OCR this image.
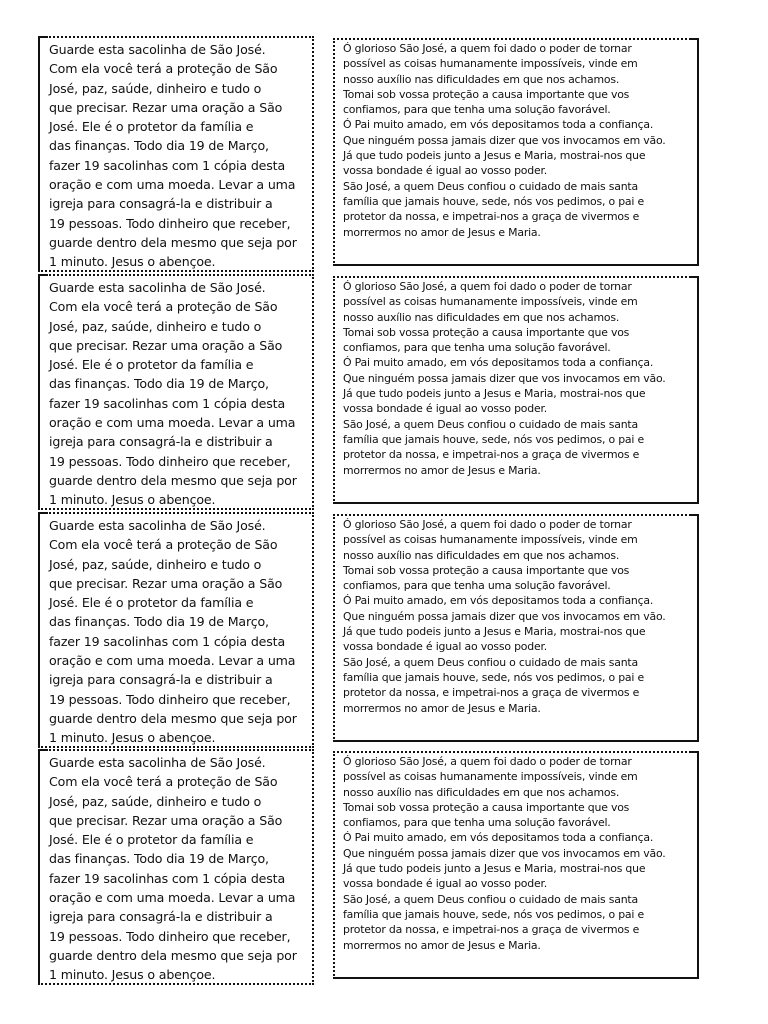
Guarde esta sacolinha de São José.
Com ela você terá a proteção de São
José, paz, saúde, dinheiro e tudo o
que precisar. Rezar uma oração a São
José. Ele é o protetor da família e
das finanças. Todo dia 19 de Março,
fazer 19 sacolinhas com 1 cópia desta
oração e com uma moeda. Levar a uma
igreja para consagrá-la e distribuir a
19 pessoas. Todo dinheiro que receber,
guarde dentro dela mesmo que seja por
1 minuto. Jesus o abençoe.

Ó glorioso São José, a quem foi dado o poder de tornar
possível as coisas humanamente impossíveis, vinde em
nosso auxílio nas dificuldades em que nos achamos.
Tomai sob vossa proteção a causa importante que vos
confiamos, para que tenha uma solução favorável.
Ó Pai muito amado, em vós depositamos toda a confiança.
Que ninguém possa jamais dizer que vos invocamos em vão.
Já que tudo podeis junto a Jesus e Maria, mostrai-nos que
vossa bondade é igual ao vosso poder.
São José, a quem Deus confiou o cuidado de mais santa
família que jamais houve, sede, nós vos pedimos, o pai e
protetor da nossa, e impetrai-nos a graça de vivermos e
morrermos no amor de Jesus e Maria.

Guarde esta sacolinha de São José.
Com ela você terá a proteção de São
José, paz, saúde, dinheiro e tudo o
que precisar. Rezar uma oração a São
José. Ele é o protetor da família e
das finanças. Todo dia 19 de Março,
fazer 19 sacolinhas com 1 cópia desta
oração e com uma moeda. Levar a uma
igreja para consagrá-la e distribuir a
19 pessoas. Todo dinheiro que receber,
guarde dentro dela mesmo que seja por
1 minuto. Jesus o abençoe.

Ó glorioso São José, a quem foi dado o poder de tornar
possível as coisas humanamente impossíveis, vinde em
nosso auxílio nas dificuldades em que nos achamos.
Tomai sob vossa proteção a causa importante que vos
confiamos, para que tenha uma solução favorável.
Ó Pai muito amado, em vós depositamos toda a confiança.
Que ninguém possa jamais dizer que vos invocamos em vão.
Já que tudo podeis junto a Jesus e Maria, mostrai-nos que
vossa bondade é igual ao vosso poder.
São José, a quem Deus confiou o cuidado de mais santa
família que jamais houve, sede, nós vos pedimos, o pai e
protetor da nossa, e impetrai-nos a graça de vivermos e
morrermos no amor de Jesus e Maria.

Guarde esta sacolinha de São José.
Com ela você terá a proteção de São
José, paz, saúde, dinheiro e tudo o
que precisar. Rezar uma oração a São
José. Ele é o protetor da família e
das finanças. Todo dia 19 de Março,
fazer 19 sacolinhas com 1 cópia desta
oração e com uma moeda. Levar a uma
igreja para consagrá-la e distribuir a
19 pessoas. Todo dinheiro que receber,
guarde dentro dela mesmo que seja por
1 minuto. Jesus o abençoe.

Ó glorioso São José, a quem foi dado o poder de tornar
possível as coisas humanamente impossíveis, vinde em
nosso auxílio nas dificuldades em que nos achamos.
Tomai sob vossa proteção a causa importante que vos
confiamos, para que tenha uma solução favorável.
Ó Pai muito amado, em vós depositamos toda a confiança.
Que ninguém possa jamais dizer que vos invocamos em vão.
Já que tudo podeis junto a Jesus e Maria, mostrai-nos que
vossa bondade é igual ao vosso poder.
São José, a quem Deus confiou o cuidado de mais santa
família que jamais houve, sede, nós vos pedimos, o pai e
protetor da nossa, e impetrai-nos a graça de vivermos e
morrermos no amor de Jesus e Maria.

Guarde esta sacolinha de São José.
Com ela você terá a proteção de São
José, paz, saúde, dinheiro e tudo o
que precisar. Rezar uma oração a São
José. Ele é o protetor da família e
das finanças. Todo dia 19 de Março,
fazer 19 sacolinhas com 1 cópia desta
oração e com uma moeda. Levar a uma
igreja para consagrá-la e distribuir a
19 pessoas. Todo dinheiro que receber,
guarde dentro dela mesmo que seja por
1 minuto. Jesus o abençoe.

Ó glorioso São José, a quem foi dado o poder de tornar
possível as coisas humanamente impossíveis, vinde em
nosso auxílio nas dificuldades em que nos achamos.
Tomai sob vossa proteção a causa importante que vos
confiamos, para que tenha uma solução favorável.
Ó Pai muito amado, em vós depositamos toda a confiança.
Que ninguém possa jamais dizer que vos invocamos em vão.
Já que tudo podeis junto a Jesus e Maria, mostrai-nos que
vossa bondade é igual ao vosso poder.
São José, a quem Deus confiou o cuidado de mais santa
família que jamais houve, sede, nós vos pedimos, o pai e
protetor da nossa, e impetrai-nos a graça de vivermos e
morrermos no amor de Jesus e Maria.
